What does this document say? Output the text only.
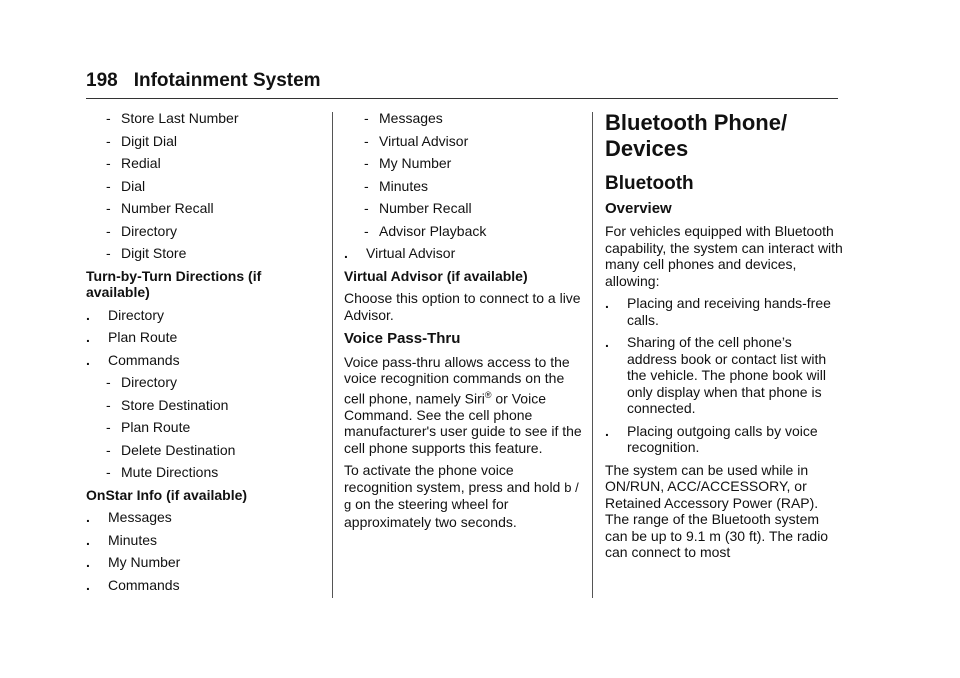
198 Infotainment System
- Store Last Number
- Digit Dial
- Redial
- Dial
- Number Recall
- Directory
- Digit Store
Turn-by-Turn Directions (if available)
.	Directory
.	Plan Route
.	Commands
- Directory
- Store Destination
- Plan Route
- Delete Destination
- Mute Directions
OnStar Info (if available)
.	Messages
.	Minutes
.	My Number
.	Commands
- Messages
- Virtual Advisor
- My Number
- Minutes
- Number Recall
- Advisor Playback
.	Virtual Advisor
Virtual Advisor (if available)
Choose this option to connect to a live Advisor.
Voice Pass-Thru
Voice pass-thru allows access to the voice recognition commands on the cell phone, namely Siri® or Voice Command. See the cell phone manufacturer's user guide to see if the cell phone supports this feature.
To activate the phone voice recognition system, press and hold b / g on the steering wheel for approximately two seconds.
Bluetooth Phone/ Devices
Bluetooth
Overview
For vehicles equipped with Bluetooth capability, the system can interact with many cell phones and devices, allowing:
.	Placing and receiving hands-free calls.
.	Sharing of the cell phone’s address book or contact list with the vehicle. The phone book will only display when that phone is connected.
.	Placing outgoing calls by voice recognition.
The system can be used while in ON/RUN, ACC/ACCESSORY, or Retained Accessory Power (RAP). The range of the Bluetooth system can be up to 9.1 m (30 ft). The radio can connect to most
